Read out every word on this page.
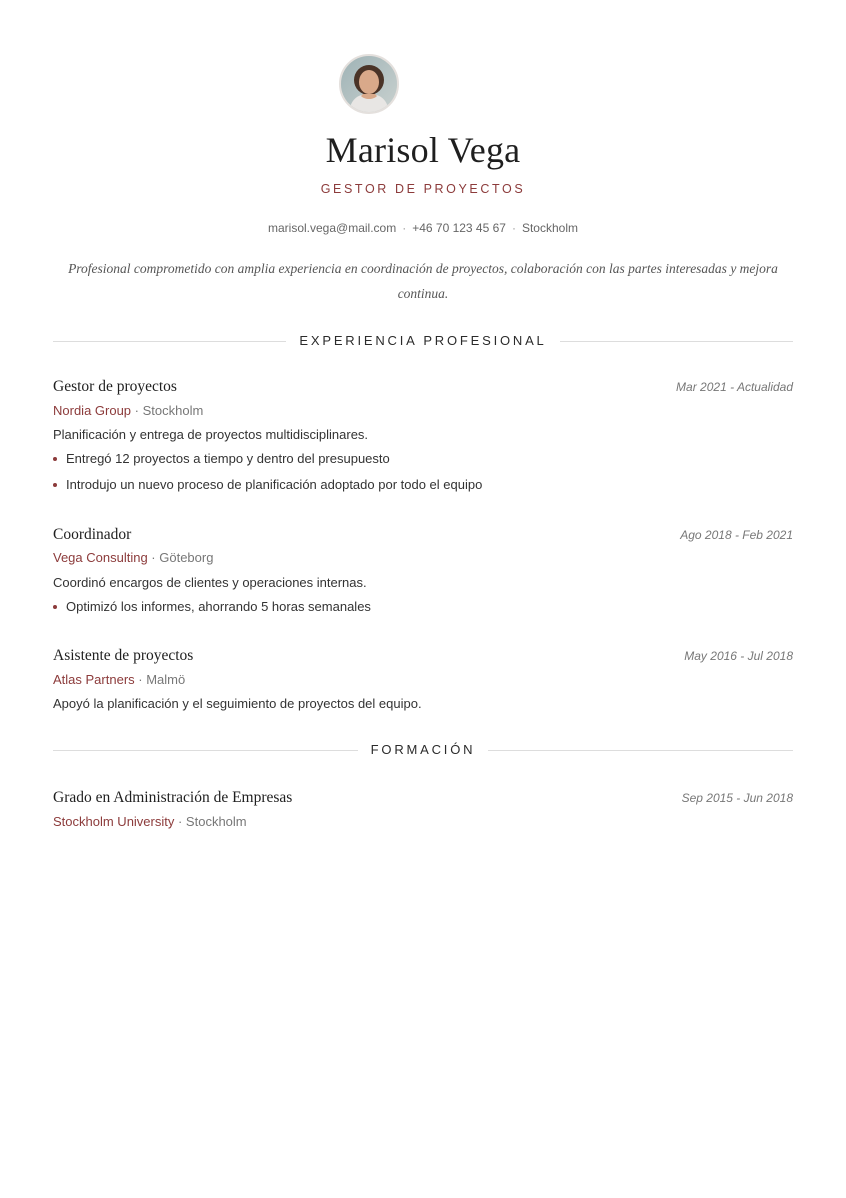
Marisol Vega
GESTOR DE PROYECTOS
marisol.vega@mail.com · +46 70 123 45 67 · Stockholm
Profesional comprometido con amplia experiencia en coordinación de proyectos, colaboración con las partes interesadas y mejora continua.
EXPERIENCIA PROFESIONAL
Gestor de proyectos	Mar 2021 - Actualidad
Nordia Group · Stockholm
Planificación y entrega de proyectos multidisciplinares.
Entregó 12 proyectos a tiempo y dentro del presupuesto
Introdujo un nuevo proceso de planificación adoptado por todo el equipo
Coordinador	Ago 2018 - Feb 2021
Vega Consulting · Göteborg
Coordinó encargos de clientes y operaciones internas.
Optimizó los informes, ahorrando 5 horas semanales
Asistente de proyectos	May 2016 - Jul 2018
Atlas Partners · Malmö
Apoyó la planificación y el seguimiento de proyectos del equipo.
FORMACIÓN
Grado en Administración de Empresas	Sep 2015 - Jun 2018
Stockholm University · Stockholm
